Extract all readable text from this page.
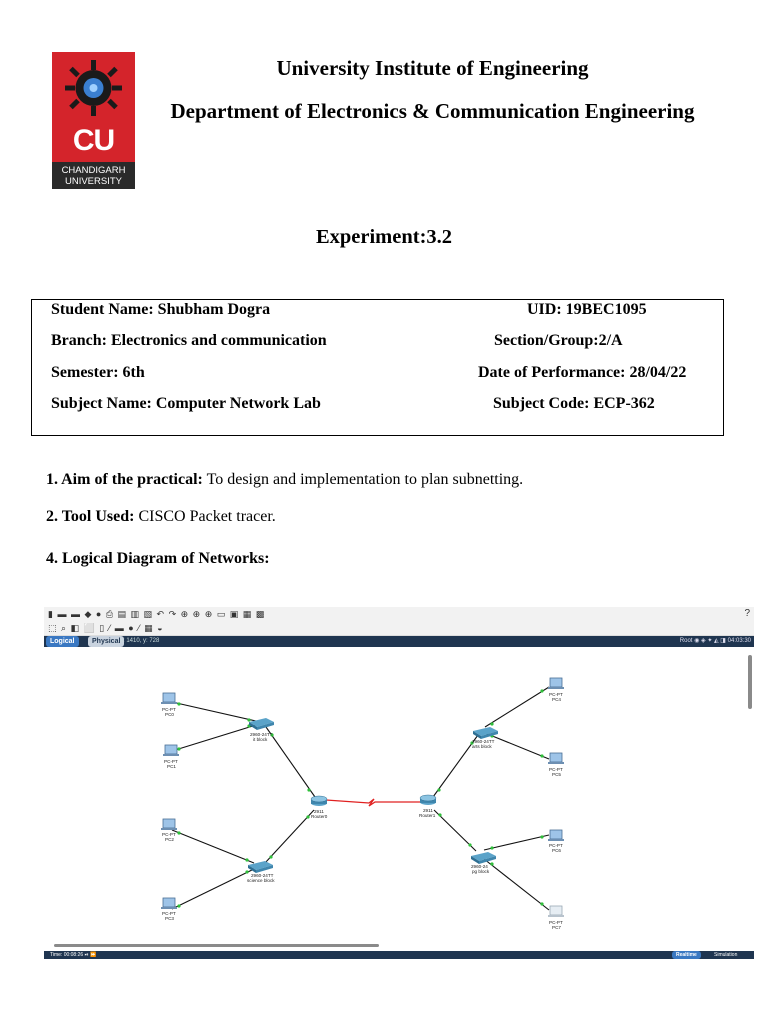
CU
CHANDIGARH
UNIVERSITY
University Institute of Engineering
Department of Electronics & Communication Engineering
Experiment:3.2
Student Name: Shubham Dogra	UID: 19BEC1095
Branch: Electronics and communication	Section/Group:2/A
Semester: 6th	Date of Performance: 28/04/22
Subject Name: Computer Network Lab	Subject Code: ECP-362
1. Aim of the practical: To design and implementation to plan subnetting.
2. Tool Used: CISCO Packet tracer.
4. Logical Diagram of Networks:
▮ ▬ ▬ ◆ ● ⎙ ▤ ▥ ▧ ↶ ↷ ⊕ ⊕ ⊕ ▭ ▣ ▦ ▩	?
⬚ ⌕ ◧ ⬜ ▯ ⁄ ▬ ● ⁄ ▦ ◒
Logical	Physical x: 1410, y: 728	Root ◉ ◈ ✦ ◭ ◨ 04:03:30
PC-PT
PC0
PC-PT
PC1
PC-PT
PC2
PC-PT
PC3
PC-PT
PC4
PC-PT
PC5
PC-PT
PC6
PC-PT
PC7
2960-24TT
it block
2960-24TT
science block
2960-24TT
arts block
2960-24
pg block
2911
Router0
2911
Router1
Time: 00:08:26 ⏯ ⏩	Realtime	Simulation
